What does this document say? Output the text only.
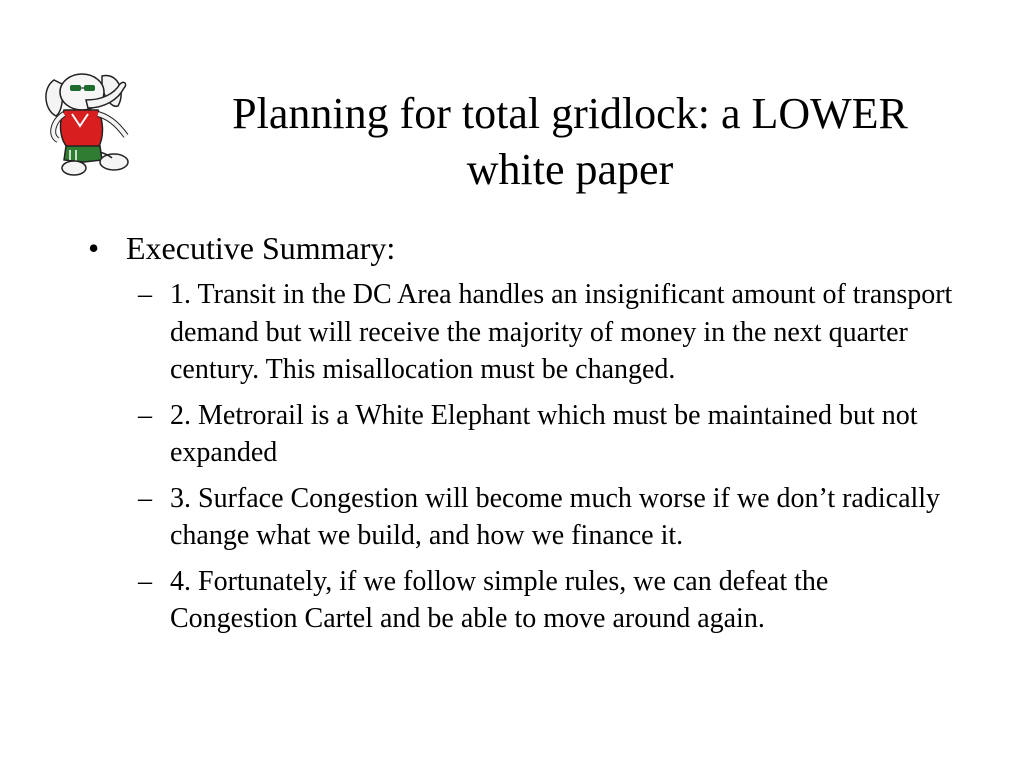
Planning for total gridlock: a LOWER
white paper
• Executive Summary:
– 1. Transit in the DC Area handles an insignificant amount of transport demand but will receive the majority of money in the next quarter century. This misallocation must be changed.
– 2. Metrorail is a White Elephant which must be maintained but not expanded
– 3. Surface Congestion will become much worse if we don’t radically change what we build, and how we finance it.
– 4. Fortunately, if we follow simple rules, we can defeat the Congestion Cartel and be able to move around again.
